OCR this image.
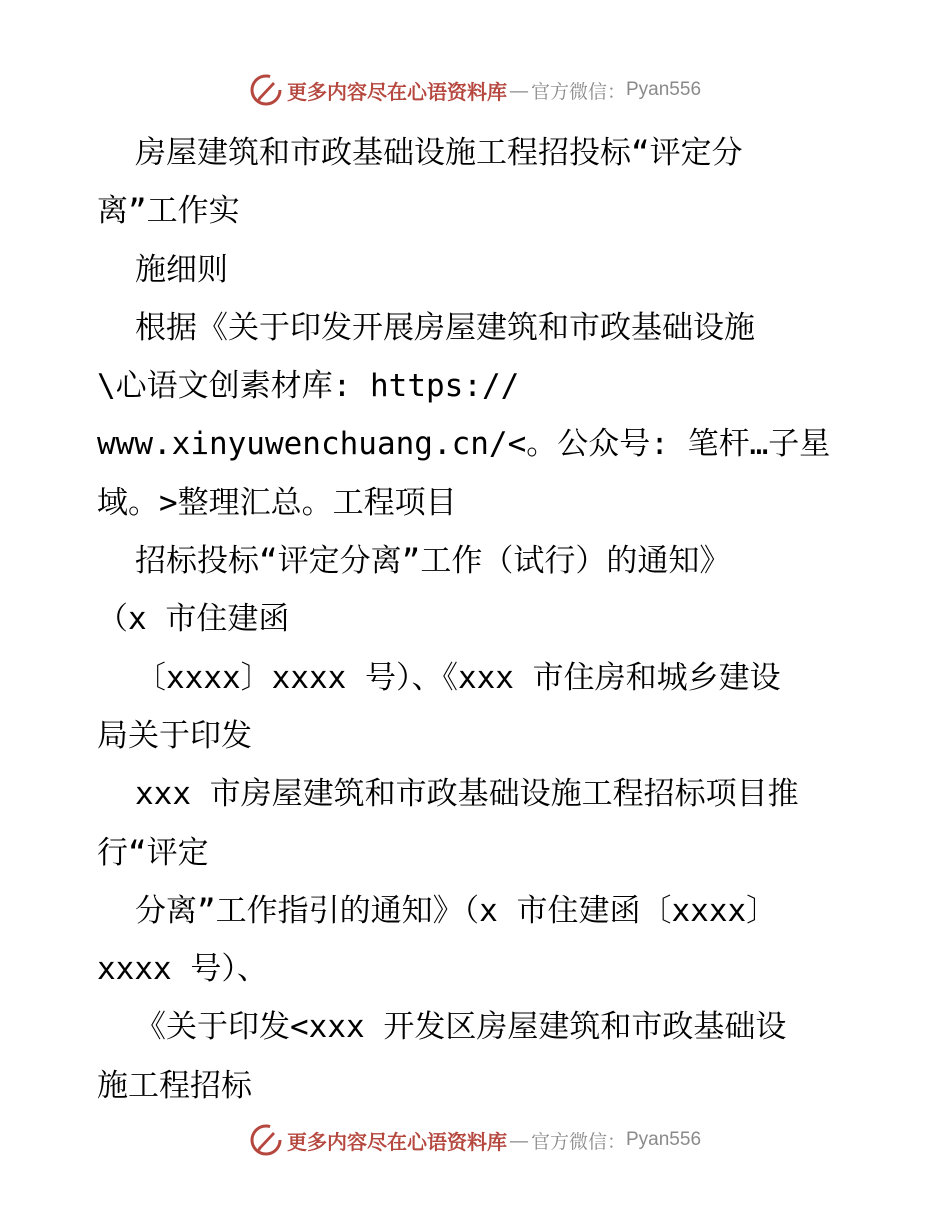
更多内容尽在心语资料库 — 官方微信： Pyan556
房屋建筑和市政基础设施工程招投标“评定分
离”工作实
施细则
根据《关于印发开展房屋建筑和市政基础设施
\心语文创素材库: https://
www.xinyuwenchuang.cn/<。公众号: 笔杆…子星
域。>整理汇总。工程项目
招标投标“评定分离”工作（试行）的通知》
（x 市住建函
〔xxxx〕xxxx 号）、《xxx 市住房和城乡建设
局关于印发
xxx 市房屋建筑和市政基础设施工程招标项目推
行“评定
分离”工作指引的通知》（x 市住建函〔xxxx〕
xxxx 号）、
《关于印发<xxx 开发区房屋建筑和市政基础设
施工程招标
更多内容尽在心语资料库 — 官方微信： Pyan556
